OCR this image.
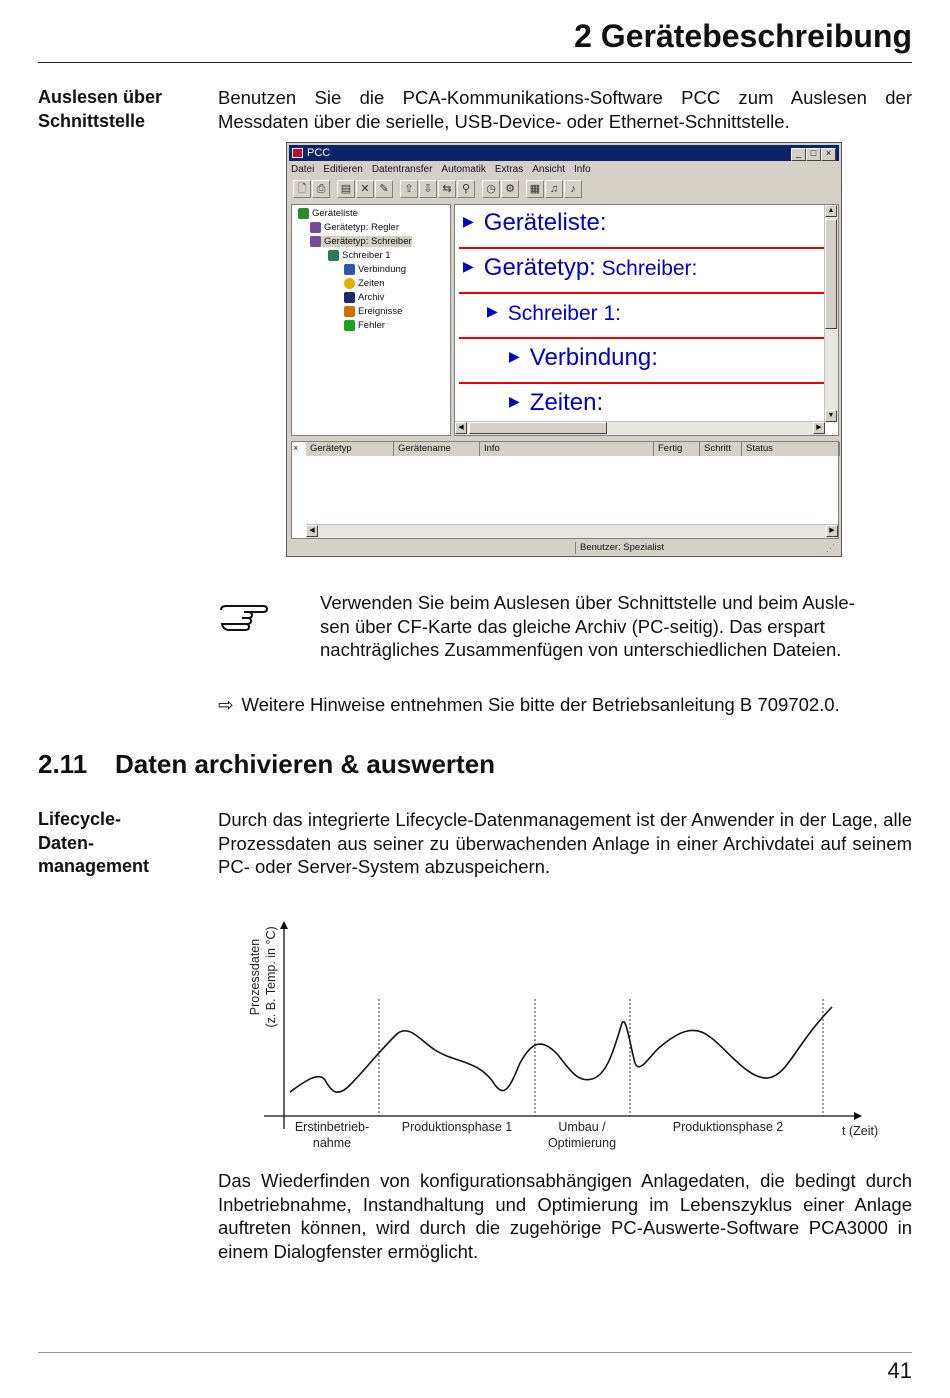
2 Gerätebeschreibung
Auslesen über
Schnittstelle
Benutzen Sie die PCA-Kommunikations-Software PCC zum Auslesen der Messdaten über die serielle, USB-Device- oder Ethernet-Schnittstelle.
PCC	_	□	×
Datei Editieren Datentransfer Automatik Extras Ansicht Info
🗋 ⎙	▤ ✕ ✎	⇧ ⇩ ⇆ ⚲	◷ ⚙	▦ ♫	♪
Geräteliste
Gerätetyp: Regler
Gerätetyp: Schreiber
Schreiber 1
Verbindung
Zeiten
Archiv
Ereignisse
Fehler
▶ Geräteliste:
▶ Gerätetyp: Schreiber:
▶ Schreiber 1:
▶ Verbindung:
▶ Zeiten:
▲
▼
◀	▶
×	Gerätetyp	Gerätename	Info	Fertig	Schritt	Status
◀	▶
Benutzer: Spezialist	⋰
Verwenden Sie beim Auslesen über Schnittstelle und beim Ausle-
sen über CF-Karte das gleiche Archiv (PC-seitig). Das erspart
nachträgliches Zusammenfügen von unterschiedlichen Dateien.
⇨ Weitere Hinweise entnehmen Sie bitte der Betriebsanleitung B 709702.0.
2.11 Daten archivieren & auswerten
Lifecycle-
Daten-
management
Durch das integrierte Lifecycle-Datenmanagement ist der Anwender in der Lage, alle Prozessdaten aus seiner zu überwachenden Anlage in einer Archivdatei auf seinem PC- oder Server-System abzuspeichern.
Prozessdaten (z. B. Temp. in °C)
t (Zeit)
Erstinbetrieb-
nahme
Produktionsphase 1	Umbau /
Optimierung
Produktionsphase 2
Das Wiederfinden von konfigurationsabhängigen Anlagedaten, die bedingt durch Inbetriebnahme, Instandhaltung und Optimierung im Lebenszyklus einer Anlage auftreten können, wird durch die zugehörige PC-Auswerte-Software PCA3000 in einem Dialogfenster ermöglicht.
41
